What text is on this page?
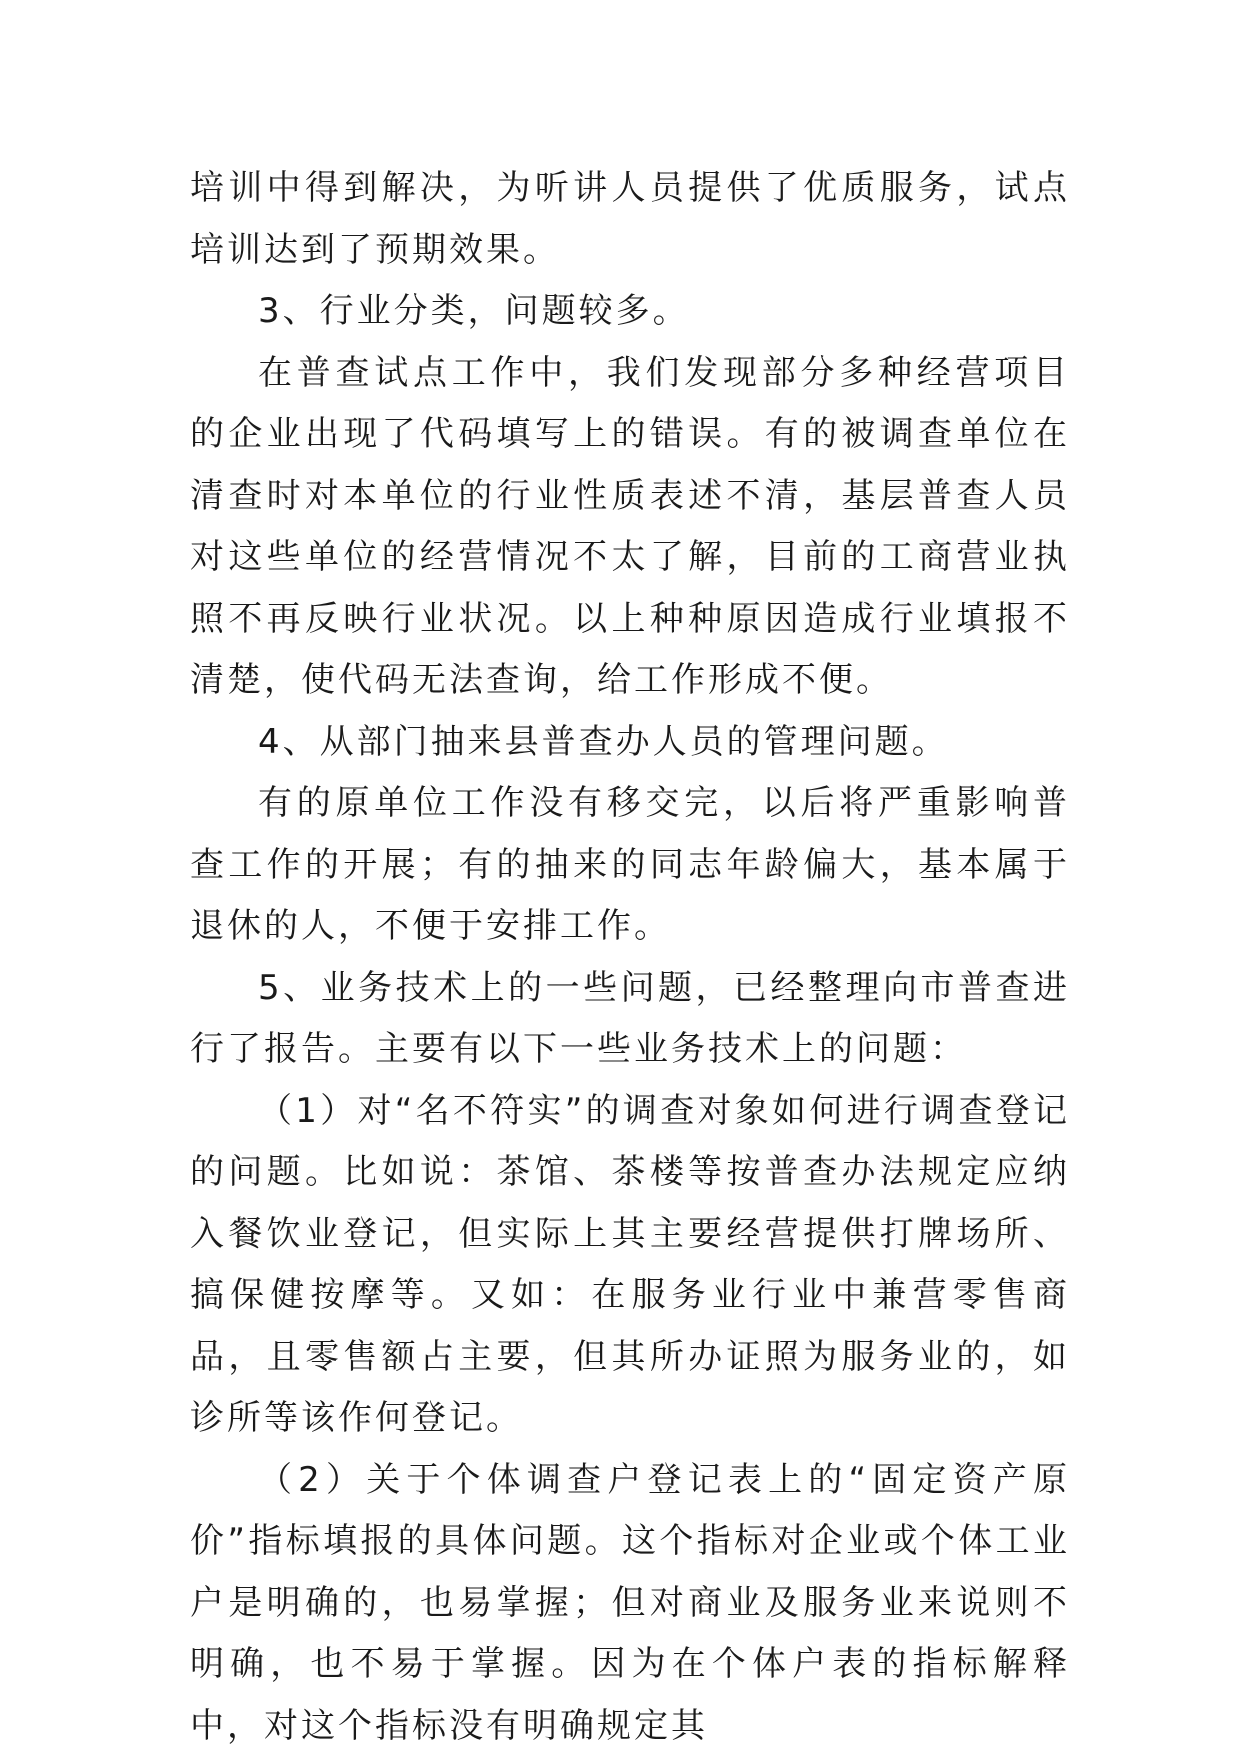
培训中得到解决，为听讲人员提供了优质服务，试点培训达到了预期效果。

3、行业分类，问题较多。

在普查试点工作中，我们发现部分多种经营项目的企业出现了代码填写上的错误。有的被调查单位在清查时对本单位的行业性质表述不清，基层普查人员对这些单位的经营情况不太了解，目前的工商营业执照不再反映行业状况。以上种种原因造成行业填报不清楚，使代码无法查询，给工作形成不便。

4、从部门抽来县普查办人员的管理问题。

有的原单位工作没有移交完，以后将严重影响普查工作的开展；有的抽来的同志年龄偏大，基本属于退休的人，不便于安排工作。

5、业务技术上的一些问题，已经整理向市普查进行了报告。主要有以下一些业务技术上的问题：

（1）对“名不符实”的调查对象如何进行调查登记的问题。比如说：茶馆、茶楼等按普查办法规定应纳入餐饮业登记，但实际上其主要经营提供打牌场所、搞保健按摩等。又如：在服务业行业中兼营零售商品，且零售额占主要，但其所办证照为服务业的，如诊所等该作何登记。

（2）关于个体调查户登记表上的“固定资产原价”指标填报的具体问题。这个指标对企业或个体工业户是明确的，也易掌握；但对商业及服务业来说则不明确，也不易于掌握。因为在个体户表的指标解释中，对这个指标没有明确规定其
